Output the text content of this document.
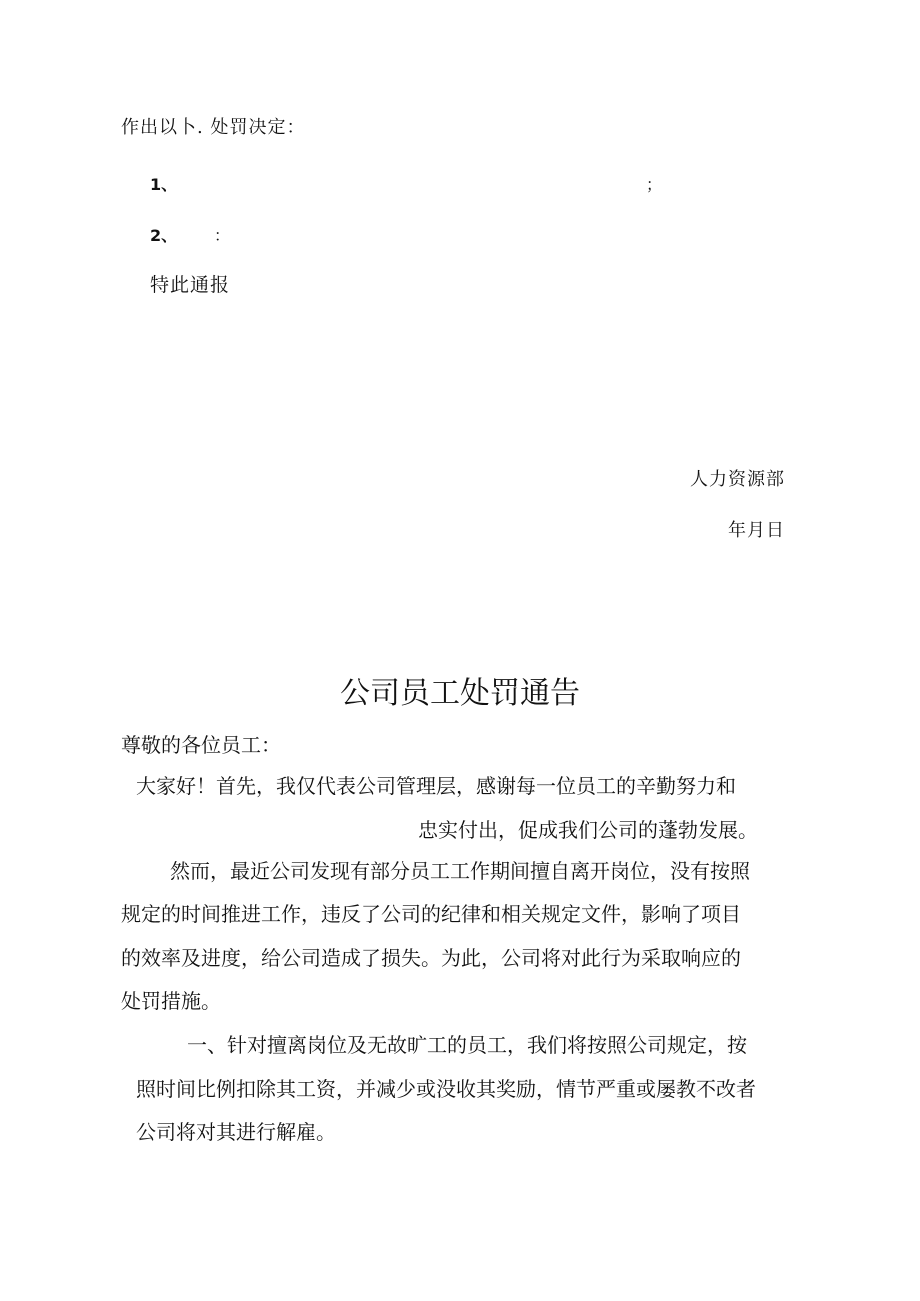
作出以卜. 处罚决定：
1、	；
2、 ：
特此通报
人力资源部
年月日
公司员工处罚通告
尊敬的各位员工：
大家好！首先，我仅代表公司管理层，感谢每一位员工的辛勤努力和
忠实付出，促成我们公司的蓬勃发展。
然而，最近公司发现有部分员工工作期间擅自离开岗位，没有按照
规定的时间推进工作，违反了公司的纪律和相关规定文件，影响了项目
的效率及进度，给公司造成了损失。为此，公司将对此行为采取响应的
处罚措施。
一、针对擅离岗位及无故旷工的员工，我们将按照公司规定，按
照时间比例扣除其工资，并减少或没收其奖励，情节严重或屡教不改者
公司将对其进行解雇。
